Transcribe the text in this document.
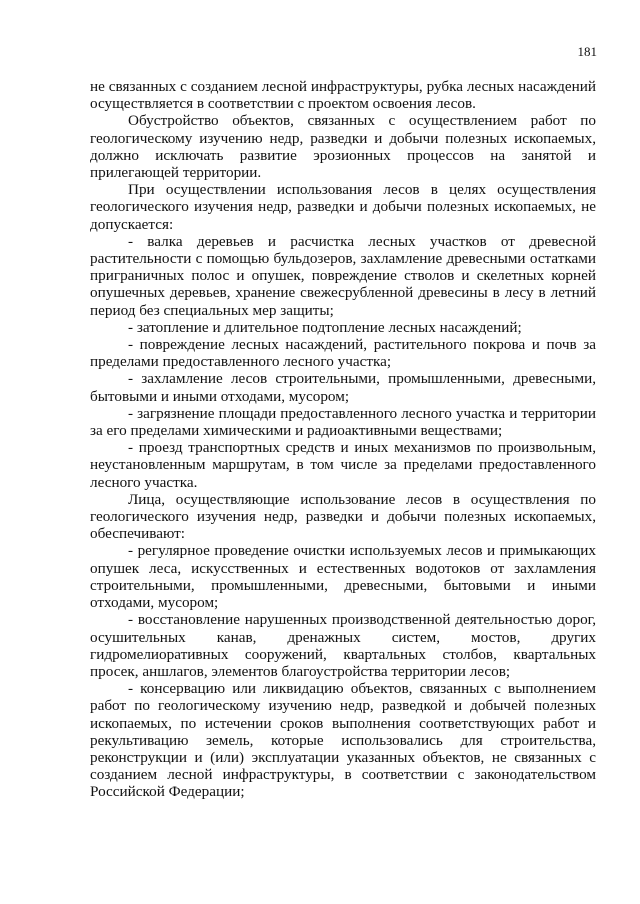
181

не связанных с созданием лесной инфраструктуры, рубка лесных насаждений осуществляется в соответствии с проектом освоения лесов.

Обустройство объектов, связанных с осуществлением работ по геологическому изучению недр, разведки и добычи полезных ископаемых, должно исключать развитие эрозионных процессов на занятой и прилегающей территории.

При осуществлении использования лесов в целях осуществления геологического изучения недр, разведки и добычи полезных ископаемых, не допускается:

- валка деревьев и расчистка лесных участков от древесной растительности с помощью бульдозеров, захламление древесными остатками приграничных полос и опушек, повреждение стволов и скелетных корней опушечных деревьев, хранение свежесрубленной древесины в лесу в летний период без специальных мер защиты;

- затопление и длительное подтопление лесных насаждений;

- повреждение лесных насаждений, растительного покрова и почв за пределами предоставленного лесного участка;

- захламление лесов строительными, промышленными, древесными, бытовыми и иными отходами, мусором;

- загрязнение площади предоставленного лесного участка и территории за его пределами химическими и радиоактивными веществами;

- проезд транспортных средств и иных механизмов по произвольным, неустановленным маршрутам, в том числе за пределами предоставленного лесного участка.

Лица, осуществляющие использование лесов в осуществления по геологического изучения недр, разведки и добычи полезных ископаемых, обеспечивают:

- регулярное проведение очистки используемых лесов и примыкающих опушек леса, искусственных и естественных водотоков от захламления строительными, промышленными, древесными, бытовыми и иными отходами, мусором;

- восстановление нарушенных производственной деятельностью дорог, осушительных канав, дренажных систем, мостов, других гидромелиоративных сооружений, квартальных столбов, квартальных просек, аншлагов, элементов благоустройства территории лесов;

- консервацию или ликвидацию объектов, связанных с выполнением работ по геологическому изучению недр, разведкой и добычей полезных ископаемых, по истечении сроков выполнения соответствующих работ и рекультивацию земель, которые использовались для строительства, реконструкции и (или) эксплуатации указанных объектов, не связанных с созданием лесной инфраструктуры, в соответствии с законодательством Российской Федерации;
